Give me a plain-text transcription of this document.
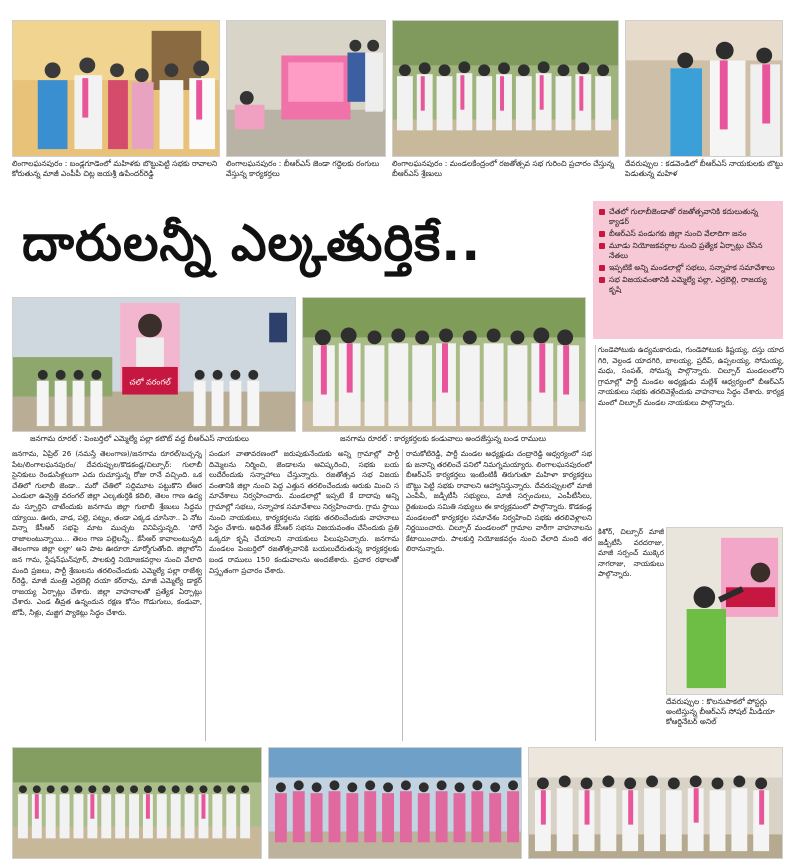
లింగాలఘనపురం : బండ్లగూడెంలో మహిళకు బొట్టుపెట్టి సభకు రావాలని కోరుతున్న మాజీ ఎంపీపీ చిట్ల జయశ్రీ ఉపేందర్‌రెడ్డి
లింగాలఘనపురం : బీఆర్ఎస్ జెండా గద్దెలకు రంగులు వేస్తున్న కార్యకర్తలు
లింగాలఘనపురం : మండలకేంద్రంలో రజతోత్సవ సభ గురించి ప్రచారం చేస్తున్న బీఆర్ఎస్ శ్రేణులు
దేవరుప్పుల : కడవెండిలో బీఆర్ఎస్ నాయకులకు బొట్టు పెడుతున్న మహిళ
దారులన్నీ ఎల్కతుర్తికే..
చేతలో గులాబీజెండాతో రజతోత్సవానికి కదులుతున్న క్యాడర్
బీఆర్ఎస్ పండుగకు జిల్లా నుంచి వేలాదిగా జనం
మూడు నియోజకవర్గాల నుంచి ప్రత్యేక ఏర్పాట్లు చేసిన నేతలు
ఇప్పటికే అన్ని మండలాల్లో సభలు, సన్నాహక సమావేశాలు
సభ విజయవంతానికి ఎమ్మెల్యే పల్లా, ఎర్రబెల్లి, రాజయ్య కృషి
చలో వరంగల్
జనగామ రూరల్ : పెంబర్తిలో ఎమ్మెల్యే పల్లా కటౌట్ వద్ద బీఆర్ఎస్ నాయకులు	జనగామ రూరల్ : కార్యకర్తలకు కండువాలు అందజేస్తున్న బండ రాములు
జనగామ, ఏప్రిల్ 26 (నమస్తే తెలంగాణ)/జనగామ రూరల్/బచ్చన్నపేట/లింగాలఘనపురం/ దేవరుప్పుల/కొడకండ్ల/చిల్పూర్: గులాబీ సైనికులు రెండుసిళ్లలుగా ఎదు రుచూస్తున్న రోజు రానే వచ్చింది. ఒక చేతిలో గులాబీ జెండా.. మరో చేతిలో సద్దిమూట పట్టుకొని టీఆర ఎండులా ఉవ్వెత్తి వరంగల్ జిల్లా ఎల్కతుర్తికి కదిలి, తెలం గాణ ఉద్యమ స్ఫూర్తిని చాటేందుకు జనగామ జిల్లా గులాబీ శ్రేణులు సిద్ధమయ్యాయి. ఊరు, వాడ, పల్లె, పట్నం, తండా ఎక్కడ చూసినా.. ఏ నోట విన్నా కేసీఆర్ సభపై మాట ముచ్చట వినిపిస్తున్నది. 'పోరే రాజాలంటున్నాయి... తెలం గాణ పల్లెలన్నీ.. కేసీఆర్ కావాలంటున్నది తెలంగాణ జిల్లా లల్లా' అని పాట ఊరూరా మార్మోగుతోంది. జిల్లాలోని జన గామ, స్టేషన్‌ఘన్‌పూర్, పాలకుర్తి నియోజకవర్గాల నుంచి వేలాది మంది ప్రజలు, పార్టీ శ్రేణులను తరలించేందుకు ఎమ్మెల్యే పల్లా రాజేశ్వర్‌రెడ్డి, మాజీ మంత్రి ఎర్రబెల్లి దయా కర్‌రావు, మాజీ ఎమ్మెల్యే డాక్టర్ రాజయ్య ఏర్పాట్లు చేశారు. జిల్లా వాహనాలతో ప్రత్యేక ఏర్పాట్లు చేశారు. ఎండ తీవ్రత ఉన్నందున రక్షణ కోసం గొడుగులు, కండువా, టోపీ, నీళ్లు, మజ్జిగ ప్యాకెట్లు సిద్ధం చేశారు.
పండుగ వాతావరణంలో జరుపుకునేందుకు అన్ని గ్రామాల్లో పార్టీ దిమ్మెలను నిర్మించి, జెండాలను ఆవిష్కరించి, సభకు బయలుదేరేందుకు సన్నాహాలు చేస్తున్నారు. రజతోత్సవ సభ విజయవంతానికి జిల్లా నుంచి పెద్ద ఎత్తున తరలించేందుకు ఆరుకు మించి సమావేశాలు నిర్వహించారు. మండలాల్లో ఇప్పటి కే దాదాపు అన్ని గ్రామాల్లో సభలు, సన్నాహక సమావేశాలు నిర్వహించారు. గ్రామ స్థాయి నుంచి నాయకులు, కార్యకర్తలను సభకు తరలించేందుకు వాహనాలు సిద్ధం చేశారు. అధినేత కేసీఆర్ సభను విజయవంతం చేసేందుకు ప్రతి ఒక్కరూ కృషి చేయాలని నాయకులు పిలుపునిచ్చారు. జనగామ మండలం పెంబర్తిలో రజతోత్సవానికి బయలుదేరుతున్న కార్యకర్తలకు బండ రాములు 150 కండువాలను అందజేశారు. ప్రచార రథాలతో విస్తృతంగా ప్రచారం చేశారు.
రామకోటిరెడ్డి, పార్టీ మండల అధ్యక్షుడు చంద్రారెడ్డి ఆధ్వర్యంలో సభకు జనాన్ని తరలించే పనిలో నిమగ్నమయ్యారు. లింగాలఘనపురంలో బీఆర్ఎస్ కార్యకర్తలు ఇంటింటికీ తిరుగుతూ మహిళా కార్యకర్తలు బొట్టు పెట్టి సభకు రావాలని ఆహ్వానిస్తున్నారు. దేవరుప్పులలో మాజీ ఎంపీపీ, జడ్పీటీసీ సభ్యులు, మాజీ సర్పంచులు, ఎంపీటీసీలు, రైతుబంధు సమితి సభ్యులు ఈ కార్యక్రమంలో పాల్గొన్నారు. కొడకండ్ల మండలంలో కార్యకర్తల సమావేశం నిర్వహించి సభకు తరలివెళ్లాలని నిర్ణయించారు. చిల్పూర్ మండలంలో గ్రామాల వారీగా వాహనాలను కేటాయించారు. పాలకుర్తి నియోజకవర్గం నుంచి వేలాది మంది తరలిరానున్నారు.
గుండెపోటుకు ఉద్యమకారుడు, గుండెపోటుకు కిష్టయ్య, దస్తు యాదగిరి, వెల్దండ యాదగిరి, బాలయ్య, ప్రదీప్, ఉప్పలయ్య, సోమయ్య, మధు, సంపత్, సోమన్న పాల్గొన్నారు. చిల్పూర్ మండలంలోని గ్రామాల్లో పార్టీ మండల అధ్యక్షుడు మల్లేశ్ ఆధ్వర్యంలో బీఆర్ఎస్ నాయకులు సభకు తరలివెళ్లేందుకు వాహనాలు సిద్ధం చేశారు. కార్యక్రమంలో చిల్పూర్ మండల నాయకులు పాల్గొన్నారు.
కిశోర్, చిల్పూర్ మాజీ జడ్పీటీసీ వరదరాజు, మాజీ సర్పంచ్ ముక్కెర నాగరాజు, నాయకులు పాల్గొన్నారు.
దేవరుప్పుల : కొలనుపాకలో పోస్టర్లు అంటిస్తున్న బీఆర్ఎస్ సోషల్ మీడియా కోఆర్డినేటర్ అనిల్
